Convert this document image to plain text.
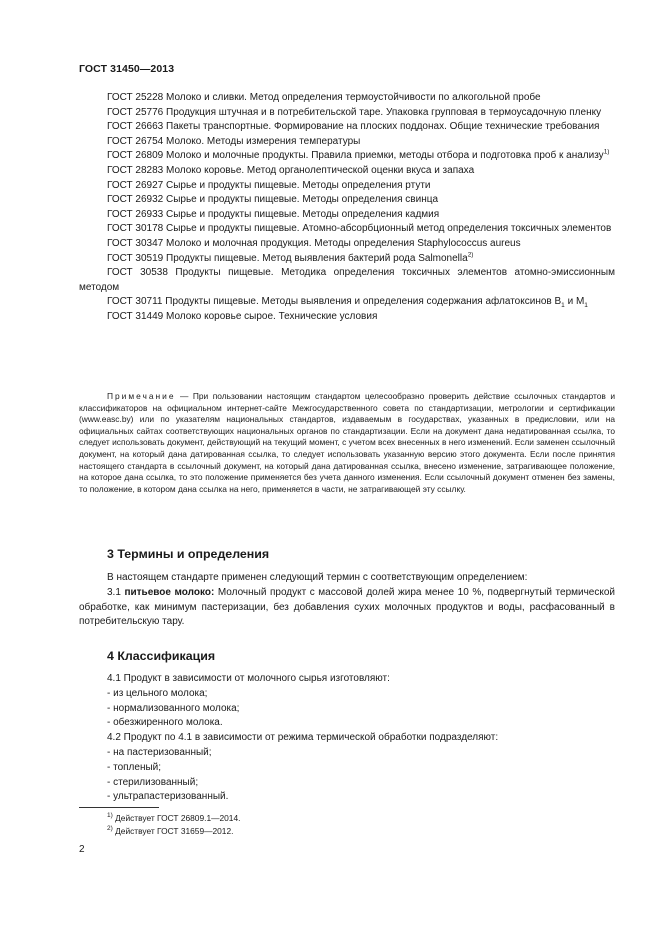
ГОСТ 31450—2013

ГОСТ 25228 Молоко и сливки. Метод определения термоустойчивости по алкогольной пробе

ГОСТ 25776 Продукция штучная и в потребительской таре. Упаковка групповая в термоусадочную пленку

ГОСТ 26663 Пакеты транспортные. Формирование на плоских поддонах. Общие технические требования

ГОСТ 26754 Молоко. Методы измерения температуры

ГОСТ 26809 Молоко и молочные продукты. Правила приемки, методы отбора и подготовка проб к анализу$^{1)}$

ГОСТ 28283 Молоко коровье. Метод органолептической оценки вкуса и запаха

ГОСТ 26927 Сырье и продукты пищевые. Методы определения ртути

ГОСТ 26932 Сырье и продукты пищевые. Методы определения свинца

ГОСТ 26933 Сырье и продукты пищевые. Методы определения кадмия

ГОСТ 30178 Сырье и продукты пищевые. Атомно-абсорбционный метод определения токсичных элементов

ГОСТ 30347 Молоко и молочная продукция. Методы определения Staphylococcus aureus

ГОСТ 30519 Продукты пищевые. Метод выявления бактерий рода Salmonella$^{2)}$

ГОСТ 30538 Продукты пищевые. Методика определения токсичных элементов атомно-эмиссионным методом

ГОСТ 30711 Продукты пищевые. Методы выявления и определения содержания афлатоксинов $B_1$ и $M_1$

ГОСТ 31449 Молоко коровье сырое. Технические условия

Примечание — При пользовании настоящим стандартом целесообразно проверить действие ссылочных стандартов и классификаторов на официальном интернет-сайте Межгосударственного совета по стандартизации, метрологии и сертификации (www.easc.by) или по указателям национальных стандартов, издаваемым в государствах, указанных в предисловии, или на официальных сайтах соответствующих национальных органов по стандартизации. Если на документ дана недатированная ссылка, то следует использовать документ, действующий на текущий момент, с учетом всех внесенных в него изменений. Если заменен ссылочный документ, на который дана датированная ссылка, то следует использовать указанную версию этого документа. Если после принятия настоящего стандарта в ссылочный документ, на который дана датированная ссылка, внесено изменение, затрагивающее положение, на которое дана ссылка, то это положение применяется без учета данного изменения. Если ссылочный документ отменен без замены, то положение, в котором дана ссылка на него, применяется в части, не затрагивающей эту ссылку.

3 Термины и определения

В настоящем стандарте применен следующий термин с соответствующим определением:

3.1 питьевое молоко: Молочный продукт с массовой долей жира менее 10 %, подвергнутый термической обработке, как минимум пастеризации, без добавления сухих молочных продуктов и воды, расфасованный в потребительскую тару.

4 Классификация

4.1 Продукт в зависимости от молочного сырья изготовляют:

- из цельного молока;

- нормализованного молока;

- обезжиренного молока.

4.2 Продукт по 4.1 в зависимости от режима термической обработки подразделяют:

- на пастеризованный;

- топленый;

- стерилизованный;

- ультрапастеризованный.

$^{1)}$ Действует ГОСТ 26809.1—2014.

$^{2)}$ Действует ГОСТ 31659—2012.

2
